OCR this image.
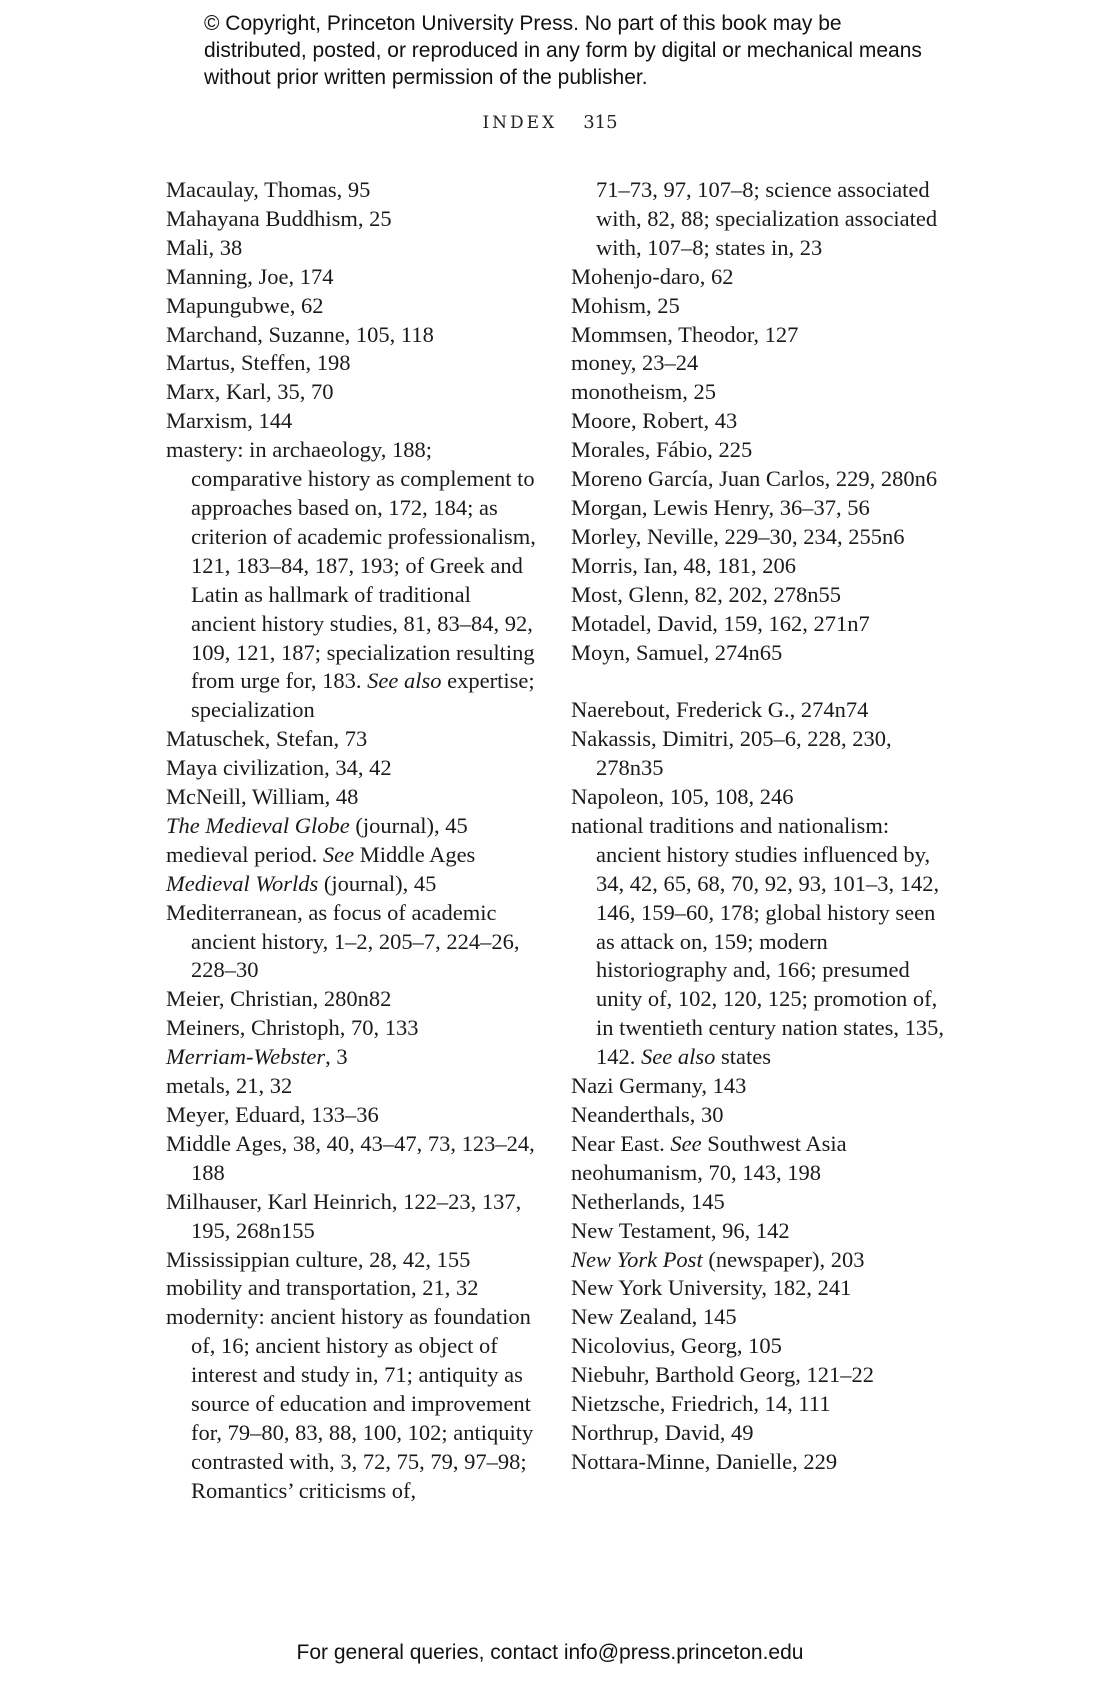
© Copyright, Princeton University Press. No part of this book may be distributed, posted, or reproduced in any form by digital or mechanical means without prior written permission of the publisher.
INDEX 315
Macaulay, Thomas, 95
Mahayana Buddhism, 25
Mali, 38
Manning, Joe, 174
Mapungubwe, 62
Marchand, Suzanne, 105, 118
Martus, Steffen, 198
Marx, Karl, 35, 70
Marxism, 144
mastery: in archaeology, 188; comparative history as complement to approaches based on, 172, 184; as criterion of academic professionalism, 121, 183–84, 187, 193; of Greek and Latin as hallmark of traditional ancient history studies, 81, 83–84, 92, 109, 121, 187; specialization resulting from urge for, 183. See also expertise; specialization
Matuschek, Stefan, 73
Maya civilization, 34, 42
McNeill, William, 48
The Medieval Globe (journal), 45
medieval period. See Middle Ages
Medieval Worlds (journal), 45
Mediterranean, as focus of academic ancient history, 1–2, 205–7, 224–26, 228–30
Meier, Christian, 280n82
Meiners, Christoph, 70, 133
Merriam-Webster, 3
metals, 21, 32
Meyer, Eduard, 133–36
Middle Ages, 38, 40, 43–47, 73, 123–24, 188
Milhauser, Karl Heinrich, 122–23, 137, 195, 268n155
Mississippian culture, 28, 42, 155
mobility and transportation, 21, 32
modernity: ancient history as foundation of, 16; ancient history as object of interest and study in, 71; antiquity as source of education and improvement for, 79–80, 83, 88, 100, 102; antiquity contrasted with, 3, 72, 75, 79, 97–98; Romantics’ criticisms of,
71–73, 97, 107–8; science associated with, 82, 88; specialization associated with, 107–8; states in, 23
Mohenjo-daro, 62
Mohism, 25
Mommsen, Theodor, 127
money, 23–24
monotheism, 25
Moore, Robert, 43
Morales, Fábio, 225
Moreno García, Juan Carlos, 229, 280n6
Morgan, Lewis Henry, 36–37, 56
Morley, Neville, 229–30, 234, 255n6
Morris, Ian, 48, 181, 206
Most, Glenn, 82, 202, 278n55
Motadel, David, 159, 162, 271n7
Moyn, Samuel, 274n65
Naerebout, Frederick G., 274n74
Nakassis, Dimitri, 205–6, 228, 230, 278n35
Napoleon, 105, 108, 246
national traditions and nationalism: ancient history studies influenced by, 34, 42, 65, 68, 70, 92, 93, 101–3, 142, 146, 159–60, 178; global history seen as attack on, 159; modern historiography and, 166; presumed unity of, 102, 120, 125; promotion of, in twentieth century nation states, 135, 142. See also states
Nazi Germany, 143
Neanderthals, 30
Near East. See Southwest Asia
neohumanism, 70, 143, 198
Netherlands, 145
New Testament, 96, 142
New York Post (newspaper), 203
New York University, 182, 241
New Zealand, 145
Nicolovius, Georg, 105
Niebuhr, Barthold Georg, 121–22
Nietzsche, Friedrich, 14, 111
Northrup, David, 49
Nottara-Minne, Danielle, 229
For general queries, contact info@press.princeton.edu
